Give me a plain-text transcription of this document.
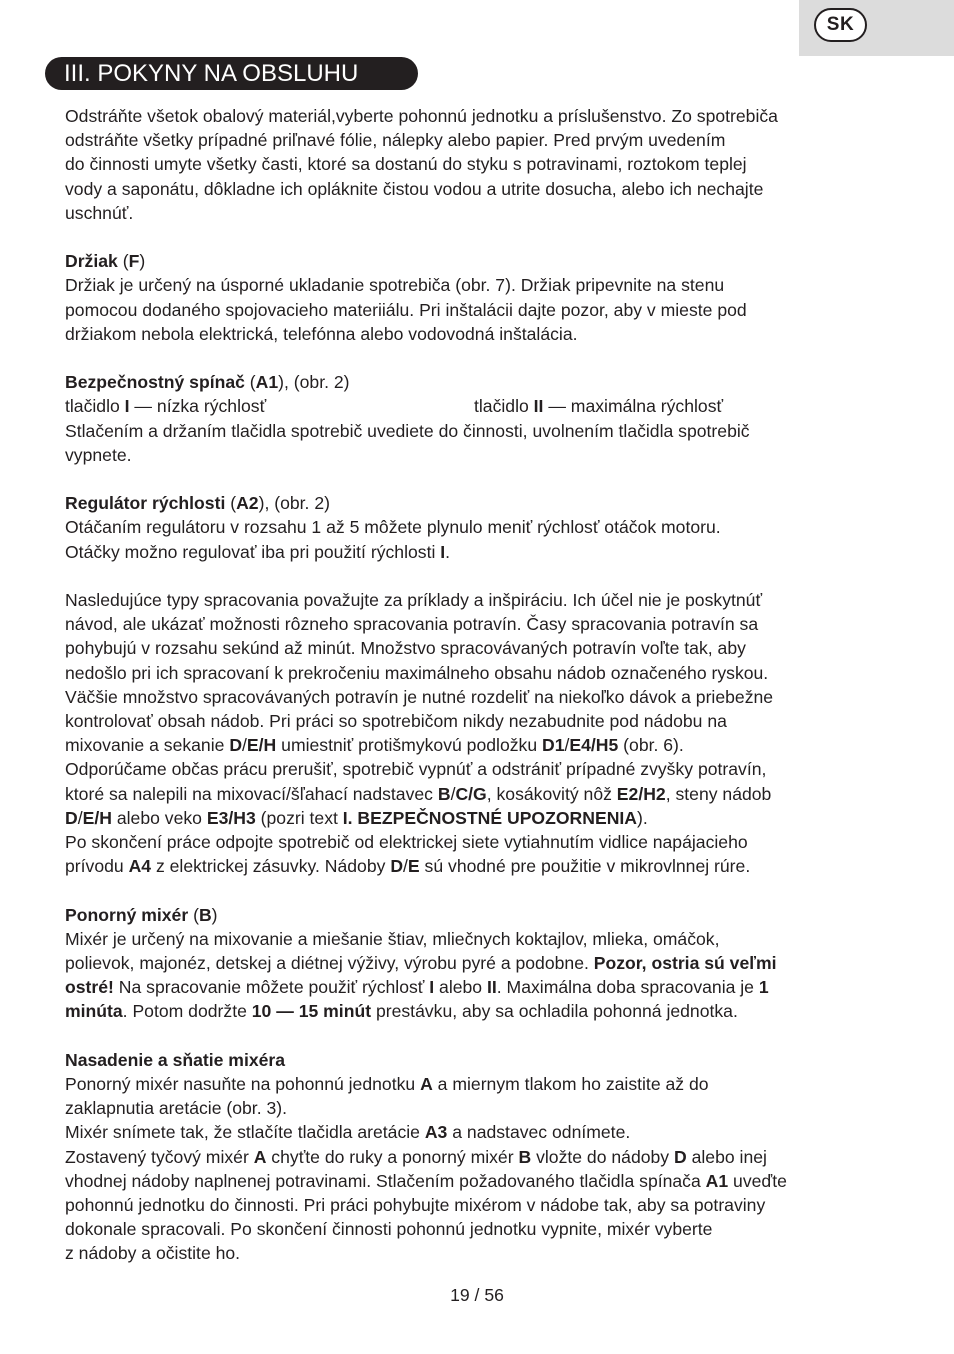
SK
III. POKYNY NA OBSLUHU

Odstráňte všetok obalový materiál,vyberte pohonnú jednotku a príslušenstvo. Zo spotrebiča

odstráňte všetky prípadné priľnavé fólie, nálepky alebo papier. Pred prvým uvedením

do činnosti umyte všetky časti, ktoré sa dostanú do styku s potravinami, roztokom teplej

vody a saponátu, dôkladne ich opláknite čistou vodou a utrite dosucha, alebo ich nechajte

uschnúť.

Držiak (F)

Držiak je určený na úsporné ukladanie spotrebiča (obr. 7). Držiak pripevnite na stenu

pomocou dodaného spojovacieho materiiálu. Pri inštalácii dajte pozor, aby v mieste pod

držiakom nebola elektrická, telefónna alebo vodovodná inštalácia.

Bezpečnostný spínač (A1), (obr. 2)

tlačidlo I — nízka rýchlosť	tlačidlo II — maximálna rýchlosť

Stlačením a držaním tlačidla spotrebič uvediete do činnosti, uvolnením tlačidla spotrebič

vypnete.

Regulátor rýchlosti (A2), (obr. 2)

Otáčaním regulátoru v rozsahu 1 až 5 môžete plynulo meniť rýchlosť otáčok motoru.

Otáčky možno regulovať iba pri použití rýchlosti I.

Nasledujúce typy spracovania považujte za príklady a inšpiráciu. Ich účel nie je poskytnúť

návod, ale ukázať možnosti rôzneho spracovania potravín. Časy spracovania potravín sa

pohybujú v rozsahu sekúnd až minút. Množstvo spracovávaných potravín voľte tak, aby

nedošlo pri ich spracovaní k prekročeniu maximálneho obsahu nádob označeného ryskou.

Väčšie množstvo spracovávaných potravín je nutné rozdeliť na niekoľko dávok a priebežne

kontrolovať obsah nádob. Pri práci so spotrebičom nikdy nezabudnite pod nádobu na

mixovanie a sekanie D/E/H umiestniť protišmykovú podložku D1/E4/H5 (obr. 6).

Odporúčame občas prácu prerušiť, spotrebič vypnúť a odstrániť prípadné zvyšky potravín,

ktoré sa nalepili na mixovací/šľahací nadstavec B/C/G, kosákovitý nôž E2/H2, steny nádob

D/E/H alebo veko E3/H3 (pozri text I. BEZPEČNOSTNÉ UPOZORNENIA).

Po skončení práce odpojte spotrebič od elektrickej siete vytiahnutím vidlice napájacieho

prívodu A4 z elektrickej zásuvky. Nádoby D/E sú vhodné pre použitie v mikrovlnnej rúre.

Ponorný mixér (B)

Mixér je určený na mixovanie a miešanie štiav, mliečnych koktajlov, mlieka, omáčok,

polievok, majonéz, detskej a diétnej výživy, výrobu pyré a podobne. Pozor, ostria sú veľmi

ostré! Na spracovanie môžete použiť rýchlosť I alebo II. Maximálna doba spracovania je 1

minúta. Potom dodržte 10 — 15 minút prestávku, aby sa ochladila pohonná jednotka.

Nasadenie a sňatie mixéra

Ponorný mixér nasuňte na pohonnú jednotku A a miernym tlakom ho zaistite až do

zaklapnutia aretácie (obr. 3).

Mixér snímete tak, že stlačíte tlačidla aretácie A3 a nadstavec odnímete.

Zostavený tyčový mixér A chyťte do ruky a ponorný mixér B vložte do nádoby D alebo inej

vhodnej nádoby naplnenej potravinami. Stlačením požadovaného tlačidla spínača A1 uveďte

pohonnú jednotku do činnosti. Pri práci pohybujte mixérom v nádobe tak, aby sa potraviny

dokonale spracovali. Po skončení činnosti pohonnú jednotku vypnite, mixér vyberte

z nádoby a očistite ho.

19 / 56
